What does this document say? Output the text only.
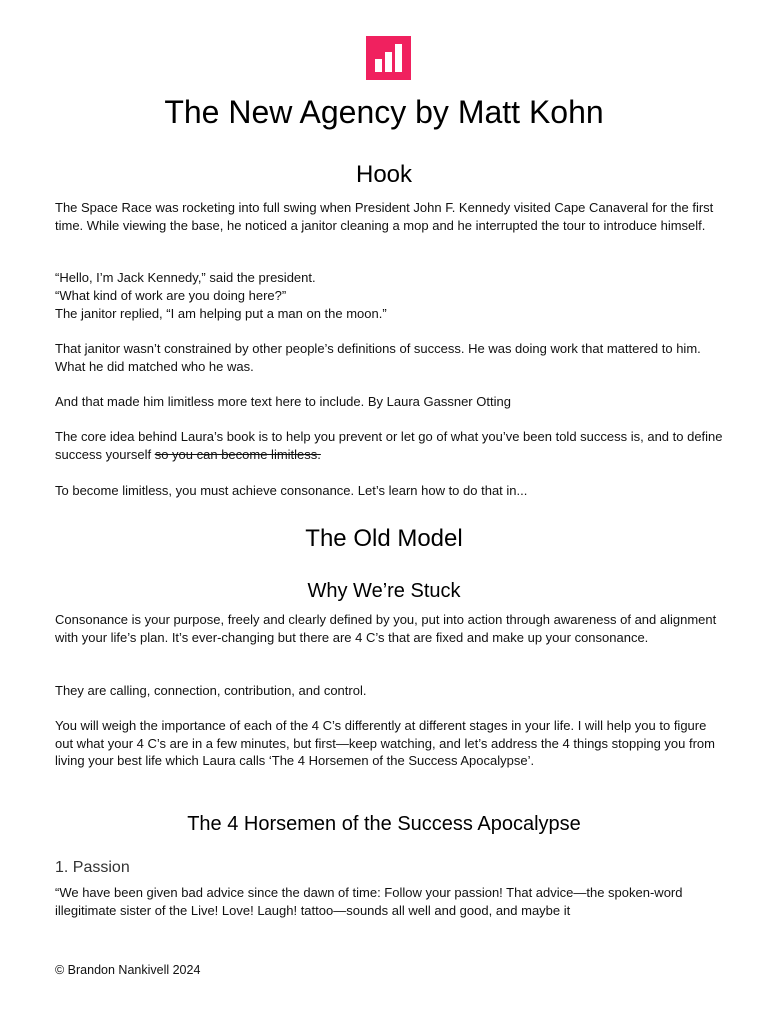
The New Agency by Matt Kohn
Hook

The Space Race was rocketing into full swing when President John F. Kennedy visited Cape Canaveral for the first time. While viewing the base, he noticed a janitor cleaning a mop and he interrupted the tour to introduce himself.

“Hello, I’m Jack Kennedy,” said the president.

“What kind of work are you doing here?”

The janitor replied, “I am helping put a man on the moon.”

That janitor wasn’t constrained by other people’s definitions of success. He was doing work that mattered to him. What he did matched who he was.

And that made him limitless more text here to include. By Laura Gassner Otting

The core idea behind Laura’s book is to help you prevent or let go of what you’ve been told success is, and to define success yourself so you can become limitless.

To become limitless, you must achieve consonance. Let’s learn how to do that in...

The Old Model
Why We’re Stuck

Consonance is your purpose, freely and clearly defined by you, put into action through awareness of and alignment with your life’s plan. It’s ever-changing but there are 4 C’s that are fixed and make up your consonance.

They are calling, connection, contribution, and control.

You will weigh the importance of each of the 4 C’s differently at different stages in your life. I will help you to figure out what your 4 C’s are in a few minutes, but first—keep watching, and let’s address the 4 things stopping you from living your best life which Laura calls ‘The 4 Horsemen of the Success Apocalypse’.

The 4 Horsemen of the Success Apocalypse
1. Passion

“We have been given bad advice since the dawn of time: Follow your passion! That advice—the spoken-word illegitimate sister of the Live! Love! Laugh! tattoo—sounds all well and good, and maybe it

© Brandon Nankivell 2024
